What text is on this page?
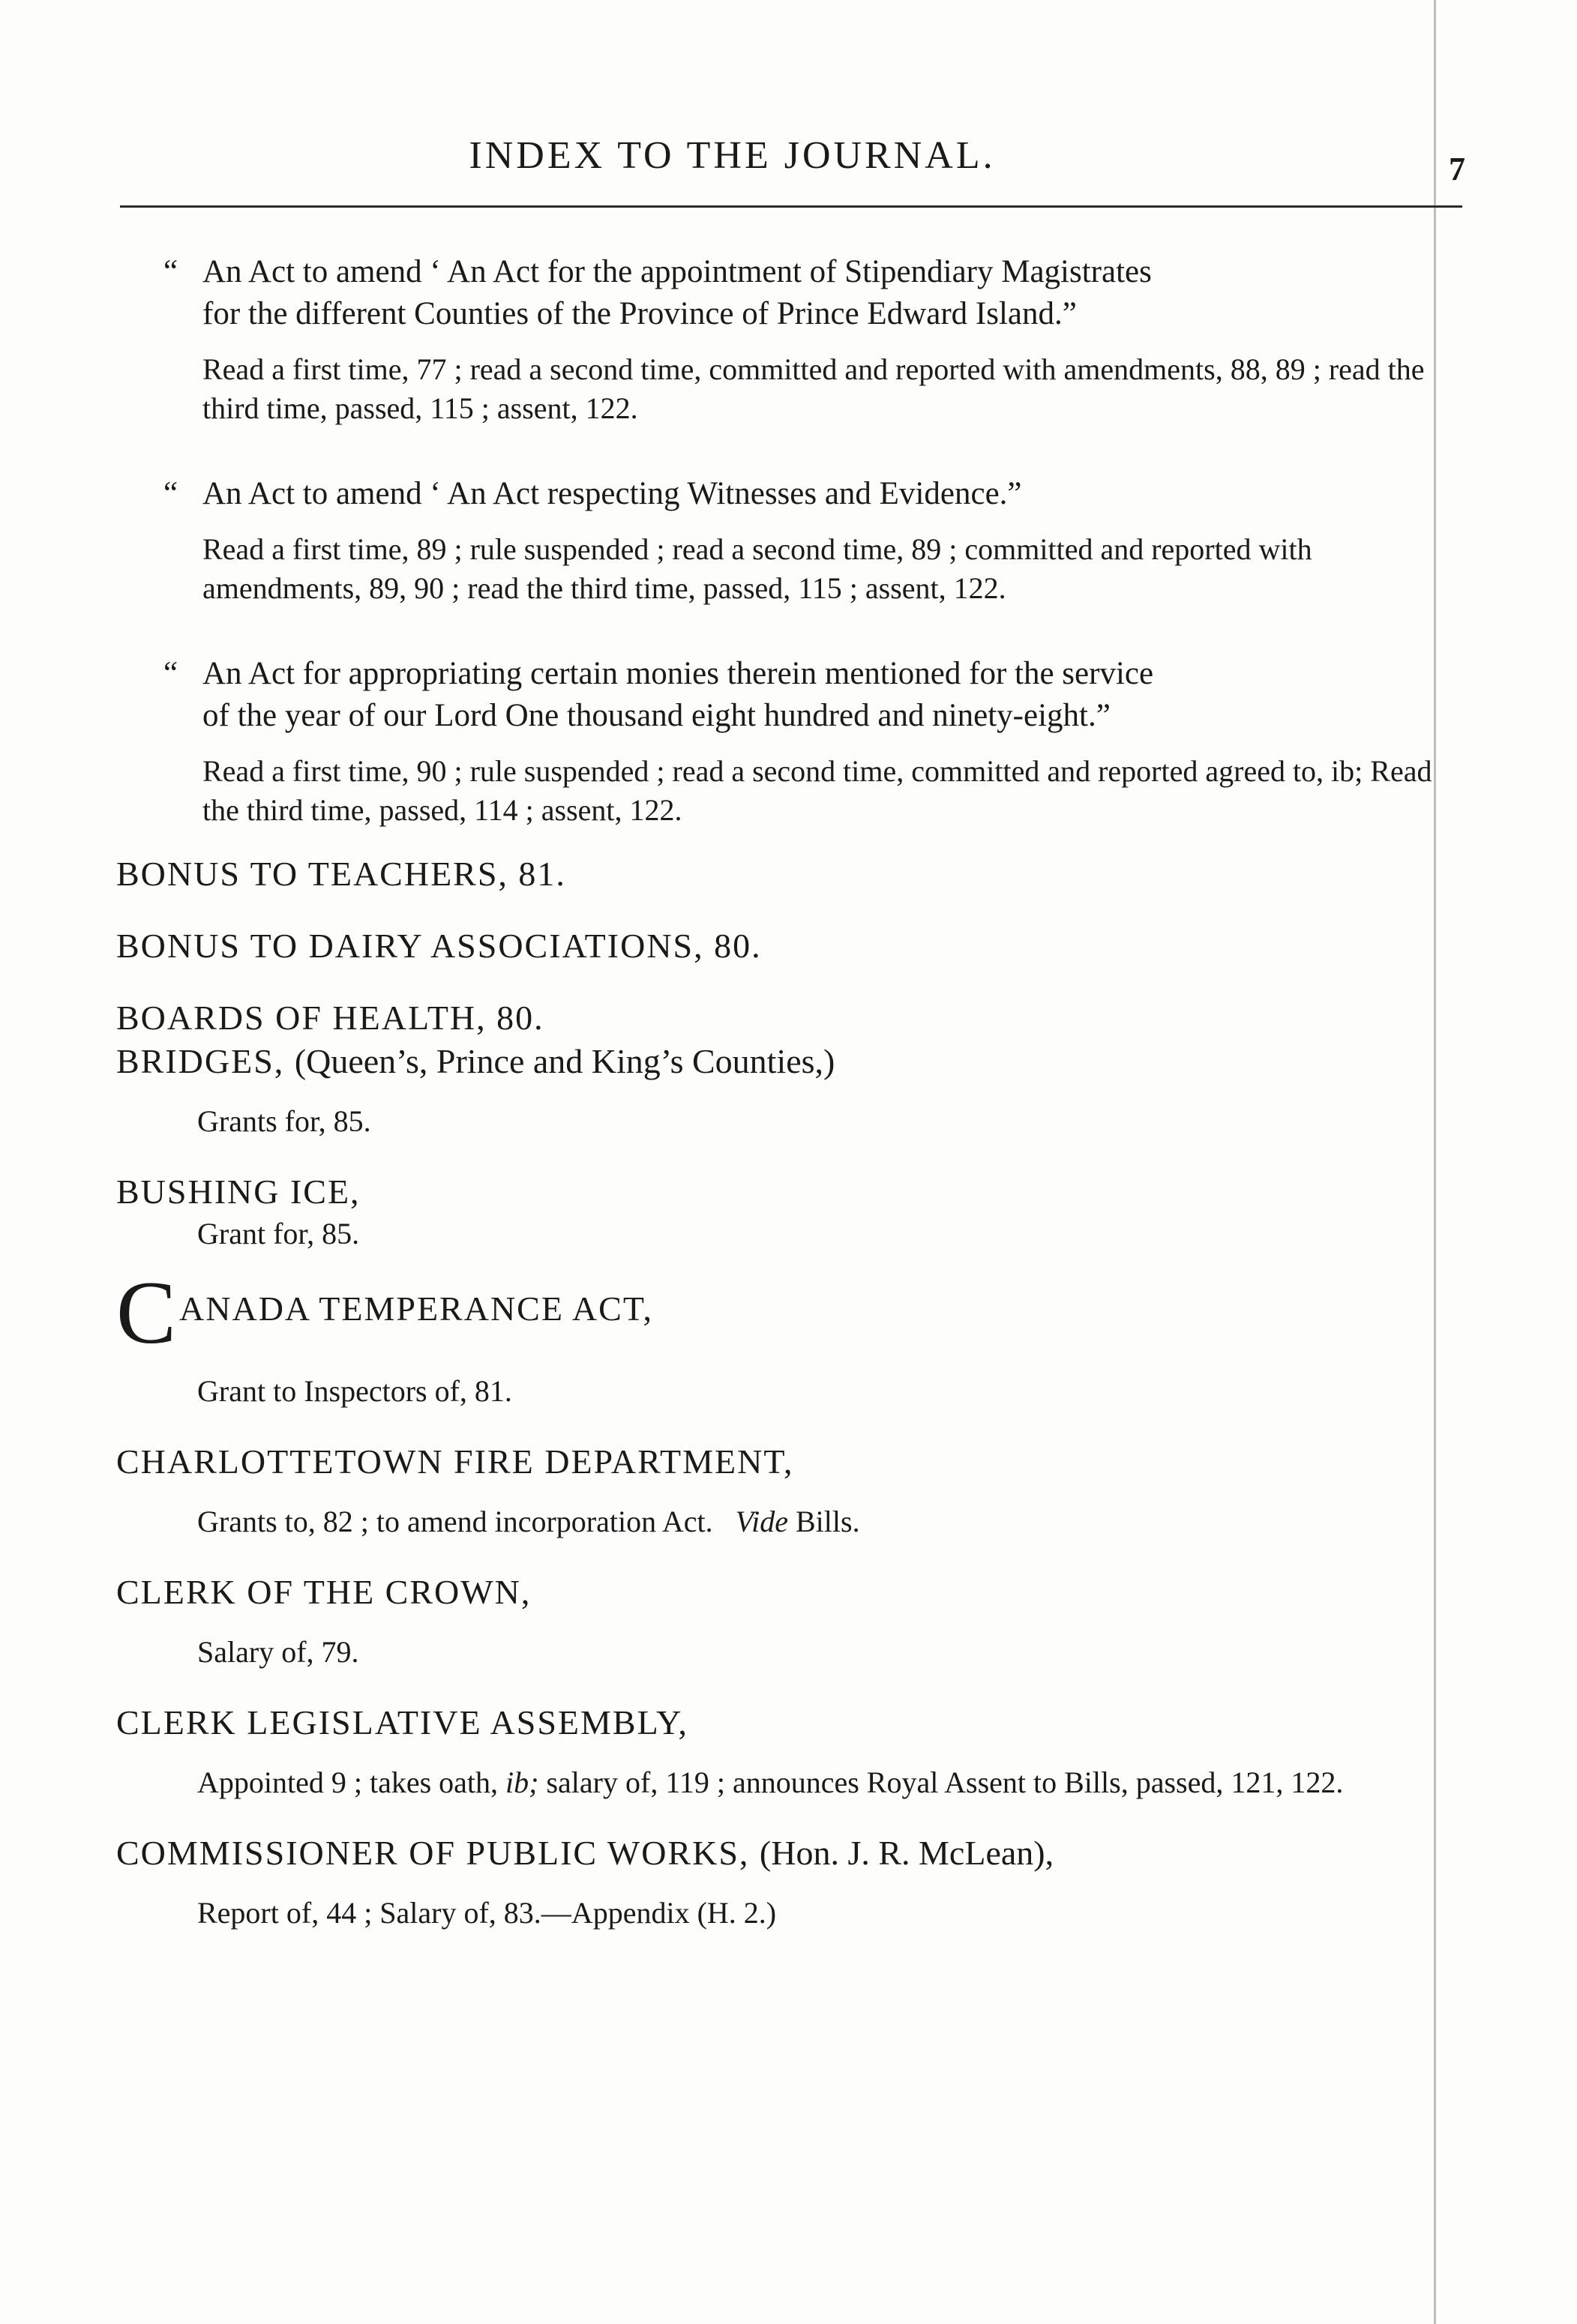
INDEX TO THE JOURNAL.	7
“ An Act to amend ‘ An Act for the appointment of Stipendiary Magistrates
for the different Counties of the Province of Prince Edward Island.”
Read a first time, 77 ; read a second time, committed and reported with amendments, 88, 89 ; read the third time, passed, 115 ; assent, 122.
“ An Act to amend ‘ An Act respecting Witnesses and Evidence.”
Read a first time, 89 ; rule suspended ; read a second time, 89 ; committed and reported with amendments, 89, 90 ; read the third time, passed, 115 ; assent, 122.
“ An Act for appropriating certain monies therein mentioned for the service
of the year of our Lord One thousand eight hundred and ninety-eight.”
Read a first time, 90 ; rule suspended ; read a second time, committed and reported agreed to, ib; Read the third time, passed, 114 ; assent, 122.
BONUS TO TEACHERS, 81.
BONUS TO DAIRY ASSOCIATIONS, 80.
BOARDS OF HEALTH, 80.
BRIDGES, (Queen’s, Prince and King’s Counties,)
Grants for, 85.
BUSHING ICE,
Grant for, 85.
CANADA TEMPERANCE ACT,
Grant to Inspectors of, 81.
CHARLOTTETOWN FIRE DEPARTMENT,
Grants to, 82 ; to amend incorporation Act. Vide Bills.
CLERK OF THE CROWN,
Salary of, 79.
CLERK LEGISLATIVE ASSEMBLY,
Appointed 9 ; takes oath, ib; salary of, 119 ; announces Royal Assent to Bills, passed, 121, 122.
COMMISSIONER OF PUBLIC WORKS, (Hon. J. R. McLean),
Report of, 44 ; Salary of, 83.—Appendix (H. 2.)
